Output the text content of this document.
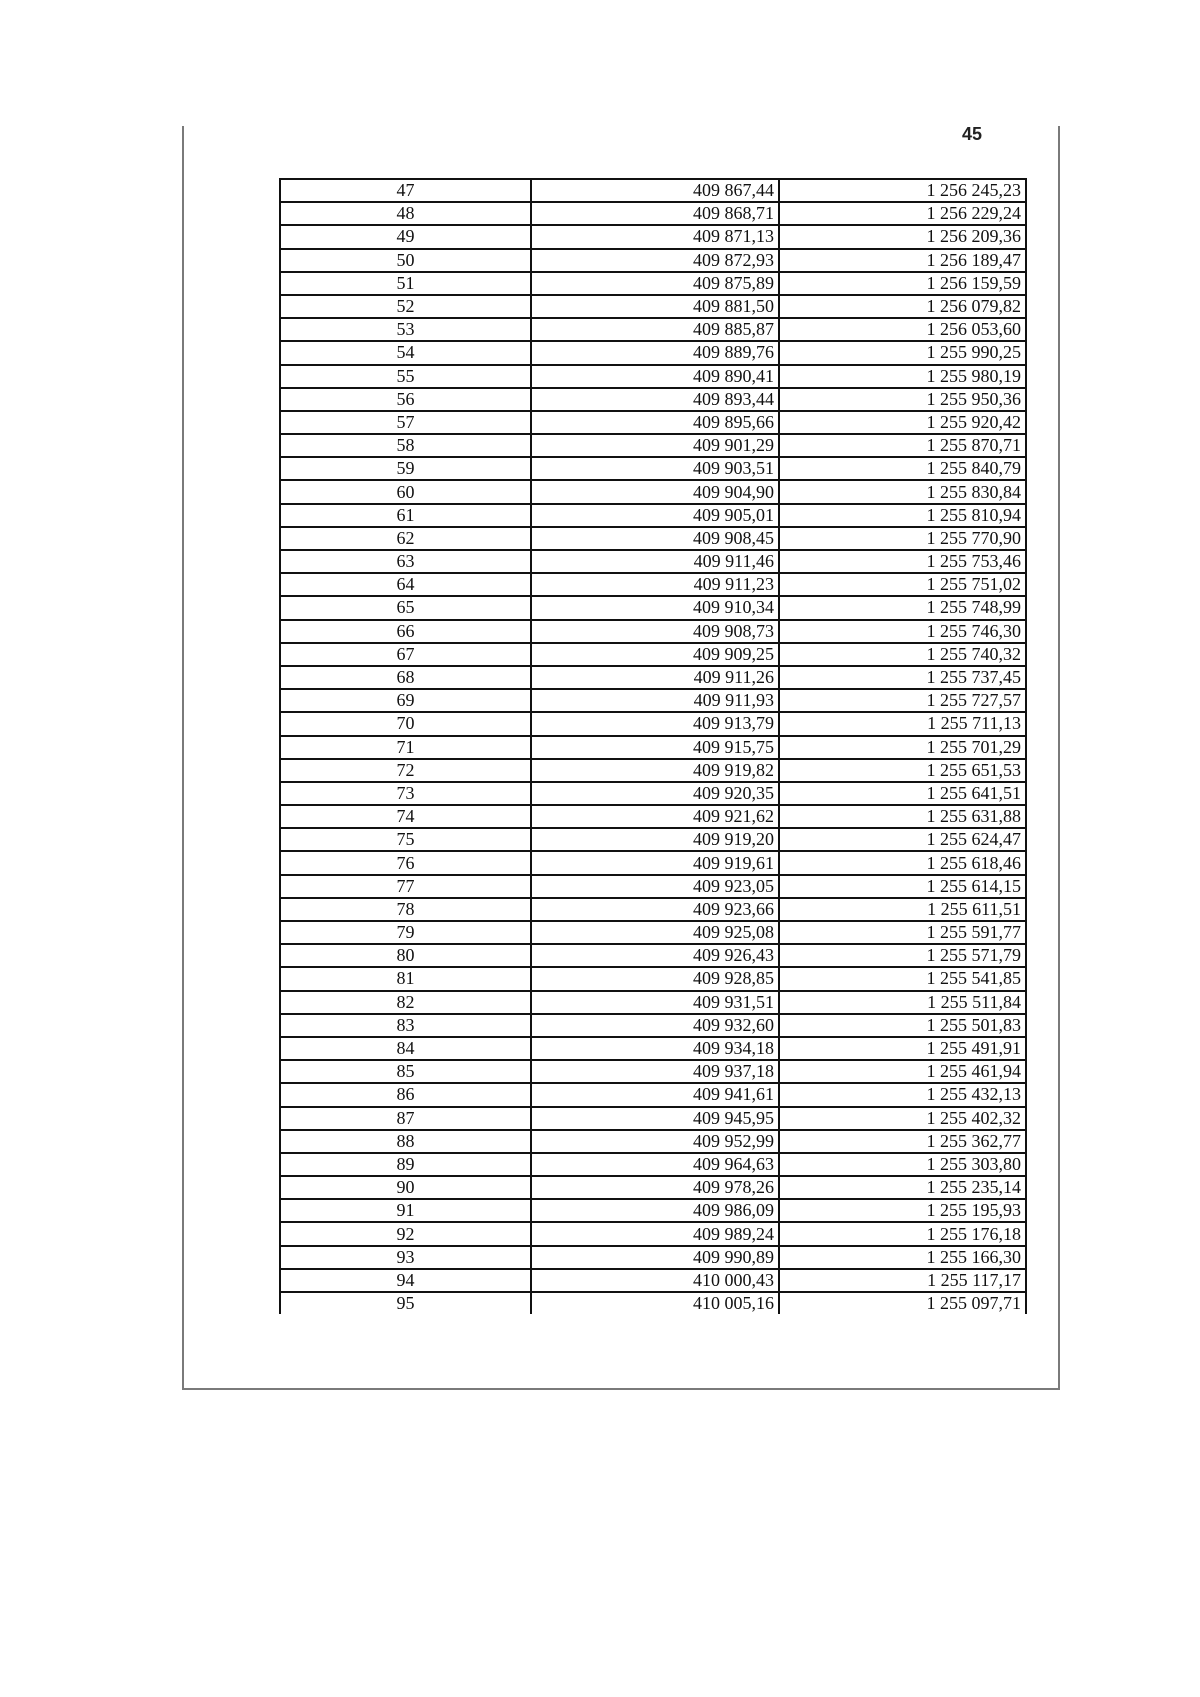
45
47	409 867,44	1 256 245,23
48	409 868,71	1 256 229,24
49	409 871,13	1 256 209,36
50	409 872,93	1 256 189,47
51	409 875,89	1 256 159,59
52	409 881,50	1 256 079,82
53	409 885,87	1 256 053,60
54	409 889,76	1 255 990,25
55	409 890,41	1 255 980,19
56	409 893,44	1 255 950,36
57	409 895,66	1 255 920,42
58	409 901,29	1 255 870,71
59	409 903,51	1 255 840,79
60	409 904,90	1 255 830,84
61	409 905,01	1 255 810,94
62	409 908,45	1 255 770,90
63	409 911,46	1 255 753,46
64	409 911,23	1 255 751,02
65	409 910,34	1 255 748,99
66	409 908,73	1 255 746,30
67	409 909,25	1 255 740,32
68	409 911,26	1 255 737,45
69	409 911,93	1 255 727,57
70	409 913,79	1 255 711,13
71	409 915,75	1 255 701,29
72	409 919,82	1 255 651,53
73	409 920,35	1 255 641,51
74	409 921,62	1 255 631,88
75	409 919,20	1 255 624,47
76	409 919,61	1 255 618,46
77	409 923,05	1 255 614,15
78	409 923,66	1 255 611,51
79	409 925,08	1 255 591,77
80	409 926,43	1 255 571,79
81	409 928,85	1 255 541,85
82	409 931,51	1 255 511,84
83	409 932,60	1 255 501,83
84	409 934,18	1 255 491,91
85	409 937,18	1 255 461,94
86	409 941,61	1 255 432,13
87	409 945,95	1 255 402,32
88	409 952,99	1 255 362,77
89	409 964,63	1 255 303,80
90	409 978,26	1 255 235,14
91	409 986,09	1 255 195,93
92	409 989,24	1 255 176,18
93	409 990,89	1 255 166,30
94	410 000,43	1 255 117,17
95	410 005,16	1 255 097,71
